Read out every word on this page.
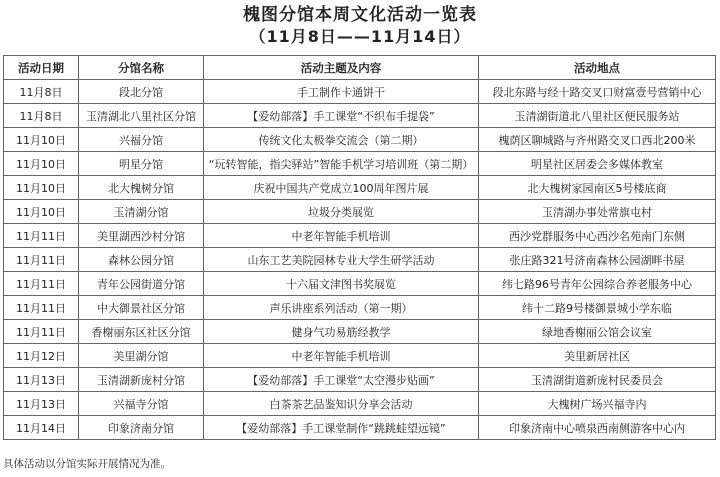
槐图分馆本周文化活动一览表
（11月8日——11月14日）
活动日期	分馆名称	活动主题及内容	活动地点
11月8日	段北分馆	手工制作卡通饼干	段北东路与经十路交叉口财富壹号营销中心
11月8日	玉清湖北八里社区分馆	【爱幼部落】手工课堂“不织布手提袋”	玉清湖街道北八里社区便民服务站
11月10日	兴福分馆	传统文化太极拳交流会（第二期）	槐荫区聊城路与齐州路交叉口西北200米
11月10日	明星分馆	“玩转智能，指尖驿站”智能手机学习培训班（第二期）	明星社区居委会多媒体教室
11月10日	北大槐树分馆	庆祝中国共产党成立100周年图片展	北大槐树家园南区5号楼底商
11月10日	玉清湖分馆	垃圾分类展览	玉清湖办事处常旗屯村
11月11日	美里湖西沙村分馆	中老年智能手机培训	西沙党群服务中心西沙名苑南门东侧
11月11日	森林公园分馆	山东工艺美院园林专业大学生研学活动	张庄路321号济南森林公园湖畔书屋
11月11日	青年公园街道分馆	十六届文津图书奖展览	纬七路96号青年公园综合养老服务中心
11月11日	中大御景社区分馆	声乐讲座系列活动（第一期）	纬十二路9号楼御景城小学东临
11月11日	香榭丽东区社区分馆	健身气功易筋经教学	绿地香榭丽公馆会议室
11月12日	美里湖分馆	中老年智能手机培训	美里新居社区
11月13日	玉清湖新庞村分馆	【爱幼部落】手工课堂“太空漫步贴画”	玉清湖街道新庞村民委员会
11月13日	兴福寺分馆	白茶茶艺品鉴知识分享会活动	大槐树广场兴福寺内
11月14日	印象济南分馆	【爱幼部落】手工课堂制作“跳跳蛙望远镜”	印象济南中心喷泉西南侧游客中心内
具体活动以分馆实际开展情况为准。
